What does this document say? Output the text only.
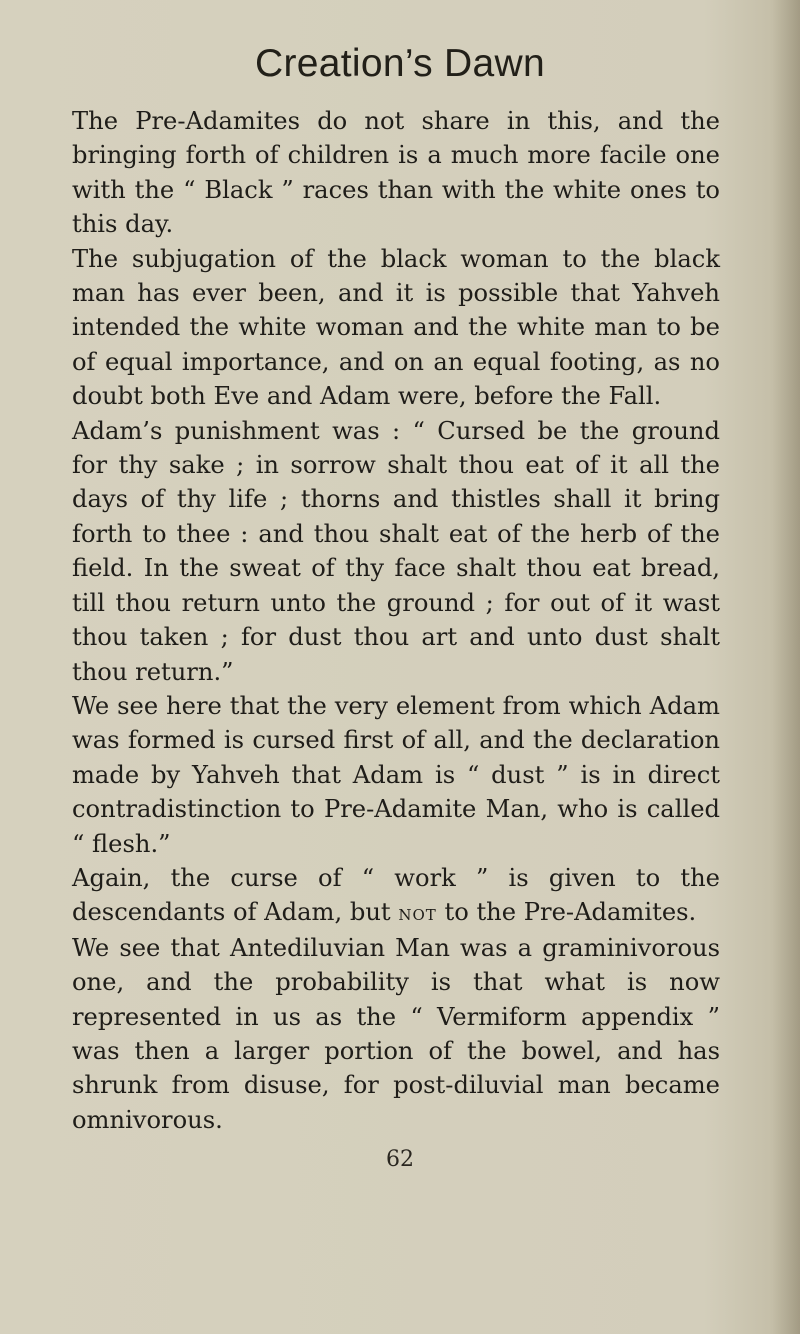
Creation’s Dawn

The Pre-Adamites do not share in this, and the bringing forth of children is a much more facile one with the “ Black ” races than with the white ones to this day.

The subjugation of the black woman to the black man has ever been, and it is possible that Yahveh intended the white woman and the white man to be of equal importance, and on an equal footing, as no doubt both Eve and Adam were, before the Fall.

Adam’s punishment was : “ Cursed be the ground for thy sake ; in sorrow shalt thou eat of it all the days of thy life ; thorns and thistles shall it bring forth to thee : and thou shalt eat of the herb of the field. In the sweat of thy face shalt thou eat bread, till thou return unto the ground ; for out of it wast thou taken ; for dust thou art and unto dust shalt thou return.”

We see here that the very element from which Adam was formed is cursed first of all, and the declaration made by Yahveh that Adam is “ dust ” is in direct contradistinction to Pre-Adamite Man, who is called “ flesh.”

Again, the curse of “ work ” is given to the descendants of Adam, but not to the Pre-Adamites.

We see that Antediluvian Man was a graminivorous one, and the probability is that what is now represented in us as the “ Vermiform appendix ” was then a larger portion of the bowel, and has shrunk from disuse, for post-diluvial man became omnivorous.

62
